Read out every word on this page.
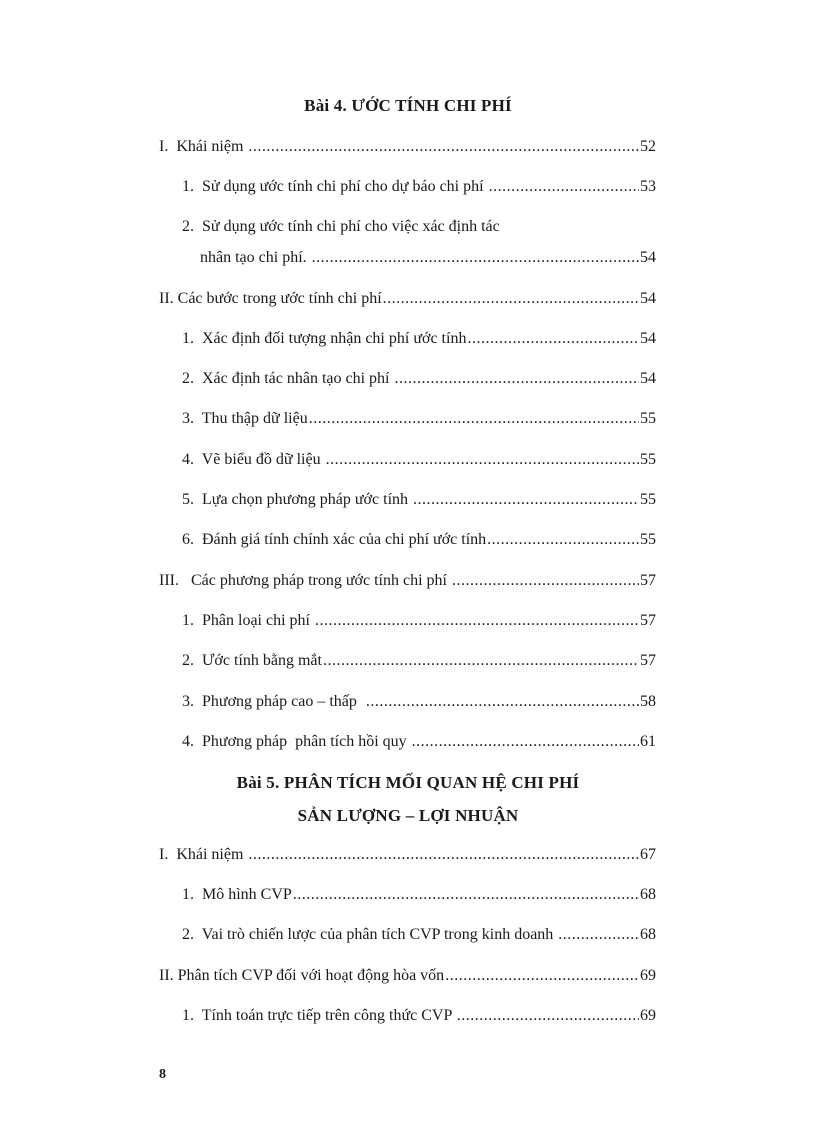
Bài 4. ƯỚC TÍNH CHI PHÍ
I.  Khái niệm .....	52
1.  Sử dụng ước tính chi phí cho dự báo chi phí .....	53
2.  Sử dụng ước tính chi phí cho việc xác định tác
nhân tạo chi phí. .....	54
II. Các bước trong ước tính chi phí .....	54
1.  Xác định đối tượng nhận chi phí ước tính .....	54
2.  Xác định tác nhân tạo chi phí .....	54
3.  Thu thập dữ liệu .....	55
4.  Vẽ biểu đồ dữ liệu .....	55
5.  Lựa chọn phương pháp ước tính .....	55
6.  Đánh giá tính chính xác của chi phí ước tính .....	55
III.   Các phương pháp trong ước tính chi phí .....	57
1.  Phân loại chi phí .....	57
2.  Ước tính bằng mắt .....	57
3.  Phương pháp cao – thấp .....	58
4.  Phương pháp  phân tích hồi quy .....	61
Bài 5. PHÂN TÍCH MỐI QUAN HỆ CHI PHÍ
SẢN LƯỢNG – LỢI NHUẬN
I.  Khái niệm .....	67
1.  Mô hình CVP .....	68
2.  Vai trò chiến lược của phân tích CVP trong kinh doanh .....	68
II. Phân tích CVP đối với hoạt động hòa vốn .....	69
1.  Tính toán trực tiếp trên công thức CVP .....	69
8
